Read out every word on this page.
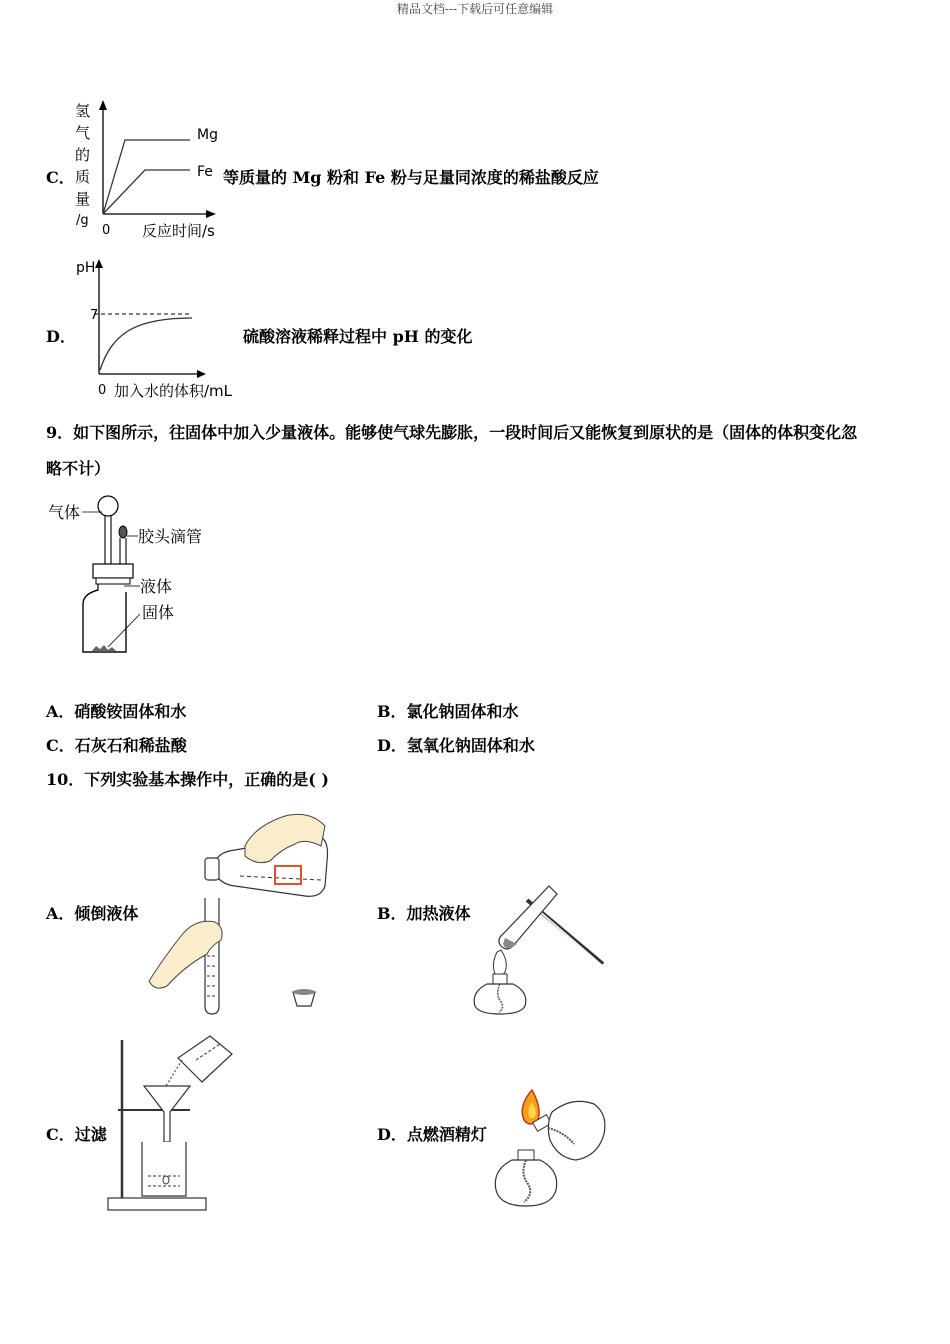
精品文档---下载后可任意编辑
C．
氢
气
的
质
量
/g
Mg
Fe
0 反应时间/s
等质量的 Mg 粉和 Fe 粉与足量同浓度的稀盐酸反应
D．
pH
7
0 加入水的体积/mL
硫酸溶液稀释过程中 pH 的变化
9．如下图所示，往固体中加入少量液体。能够使气球先膨胀，一段时间后又能恢复到原状的是（固体的体积变化忽
略不计）
气体
胶头滴管
液体
固体
A．硝酸铵固体和水	B．氯化钠固体和水
C．石灰石和稀盐酸	D．氢氧化钠固体和水
10．下列实验基本操作中，正确的是( )
A．倾倒液体	B．加热液体
C．过滤	D．点燃酒精灯
